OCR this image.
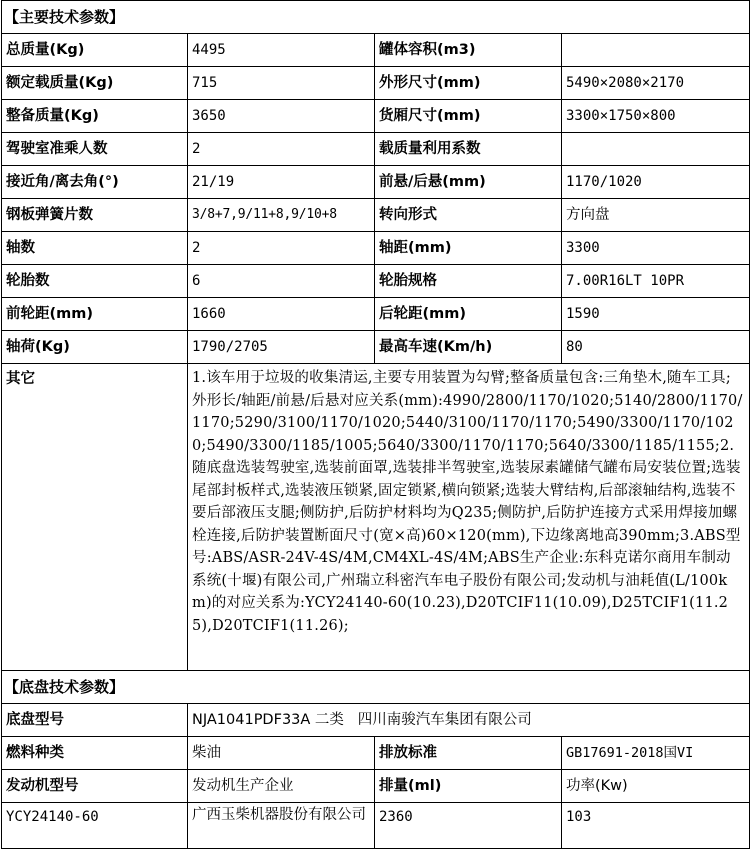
【主要技术参数】			
总质量(Kg)	4495	罐体容积(m3)	
额定载质量(Kg)	715	外形尺寸(mm)	5490×2080×2170
整备质量(Kg)	3650	货厢尺寸(mm)	3300×1750×800
驾驶室准乘人数	2	载质量利用系数	
接近角/离去角(°)	21/19	前悬/后悬(mm)	1170/1020
钢板弹簧片数	3/8+7,9/11+8,9/10+8	转向形式	方向盘
轴数	2	轴距(mm)	3300
轮胎数	6	轮胎规格	7.00R16LT 10PR
前轮距(mm)	1660	后轮距(mm)	1590
轴荷(Kg)	1790/2705	最高车速(Km/h)	80
其它	1.该车用于垃圾的收集清运,主要专用装置为勾臂;整备质量包含:三角垫木,随车工具;外形长/轴距/前悬/后悬对应关系(mm):4990/2800/1170/1020;5140/2800/1170/1170;5290/3100/1170/1020;5440/3100/1170/1170;5490/3300/1170/1020;5490/3300/1185/1005;5640/3300/1170/1170;5640/3300/1185/1155;2.随底盘选装驾驶室,选装前面罩,选装排半驾驶室,选装尿素罐储气罐布局安装位置;选装尾部封板样式,选装液压锁紧,固定锁紧,横向锁紧;选装大臂结构,后部滚轴结构,选装不要后部液压支腿;侧防护,后防护材料均为Q235;侧防护,后防护连接方式采用焊接加螺栓连接,后防护装置断面尺寸(宽×高)60×120(mm),下边缘离地高390mm;3.ABS型号:ABS/ASR-24V-4S/4M,CM4XL-4S/4M;ABS生产企业:东科克诺尔商用车制动系统(十堰)有限公司,广州瑞立科密汽车电子股份有限公司;发动机与油耗值(L/100km)的对应关系为:YCY24140-60(10.23),D20TCIF11(10.09),D25TCIF1(11.25),D20TCIF1(11.26);		
【底盘技术参数】			
底盘型号	NJA1041PDF33A 二类   四川南骏汽车集团有限公司		
燃料种类	柴油	排放标准	GB17691-2018国VI
发动机型号	发动机生产企业	排量(ml)	功率(Kw)
YCY24140-60	广西玉柴机器股份有限公司	2360	103
